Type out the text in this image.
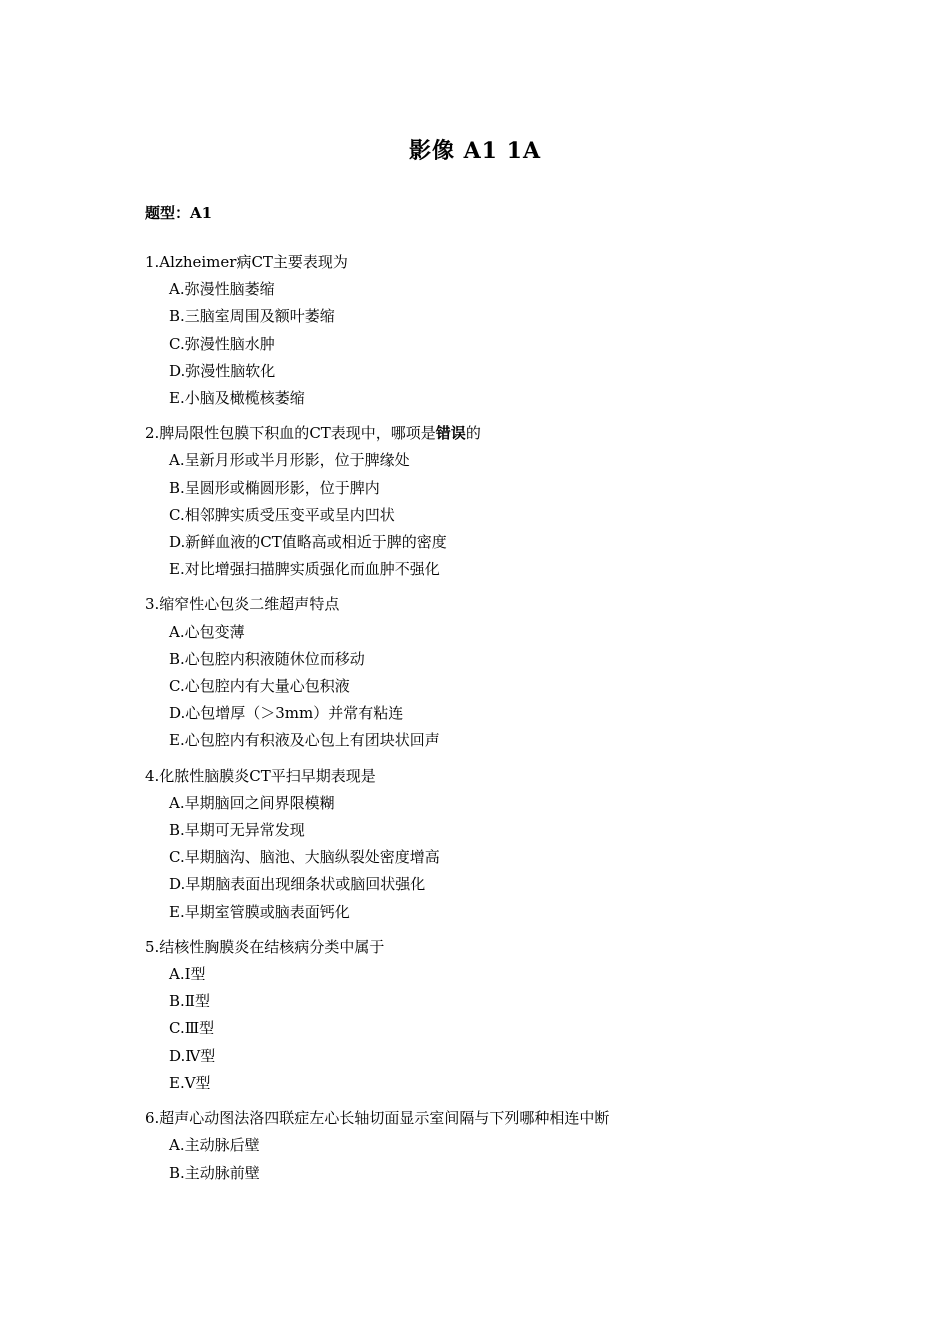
影像 A1 1A
题型：A1
1.Alzheimer病CT主要表现为
A.弥漫性脑萎缩
B.三脑室周围及额叶萎缩
C.弥漫性脑水肿
D.弥漫性脑软化
E.小脑及橄榄核萎缩
2.脾局限性包膜下积血的CT表现中，哪项是错误的
A.呈新月形或半月形影，位于脾缘处
B.呈圆形或椭圆形影，位于脾内
C.相邻脾实质受压变平或呈内凹状
D.新鲜血液的CT值略高或相近于脾的密度
E.对比增强扫描脾实质强化而血肿不强化
3.缩窄性心包炎二维超声特点
A.心包变薄
B.心包腔内积液随休位而移动
C.心包腔内有大量心包积液
D.心包增厚（＞3mm）并常有粘连
E.心包腔内有积液及心包上有团块状回声
4.化脓性脑膜炎CT平扫早期表现是
A.早期脑回之间界限模糊
B.早期可无异常发现
C.早期脑沟、脑池、大脑纵裂处密度增高
D.早期脑表面出现细条状或脑回状强化
E.早期室管膜或脑表面钙化
5.结核性胸膜炎在结核病分类中属于
A.Ⅰ型
B.Ⅱ型
C.Ⅲ型
D.Ⅳ型
E.Ⅴ型
6.超声心动图法洛四联症左心长轴切面显示室间隔与下列哪种相连中断
A.主动脉后壁
B.主动脉前壁
